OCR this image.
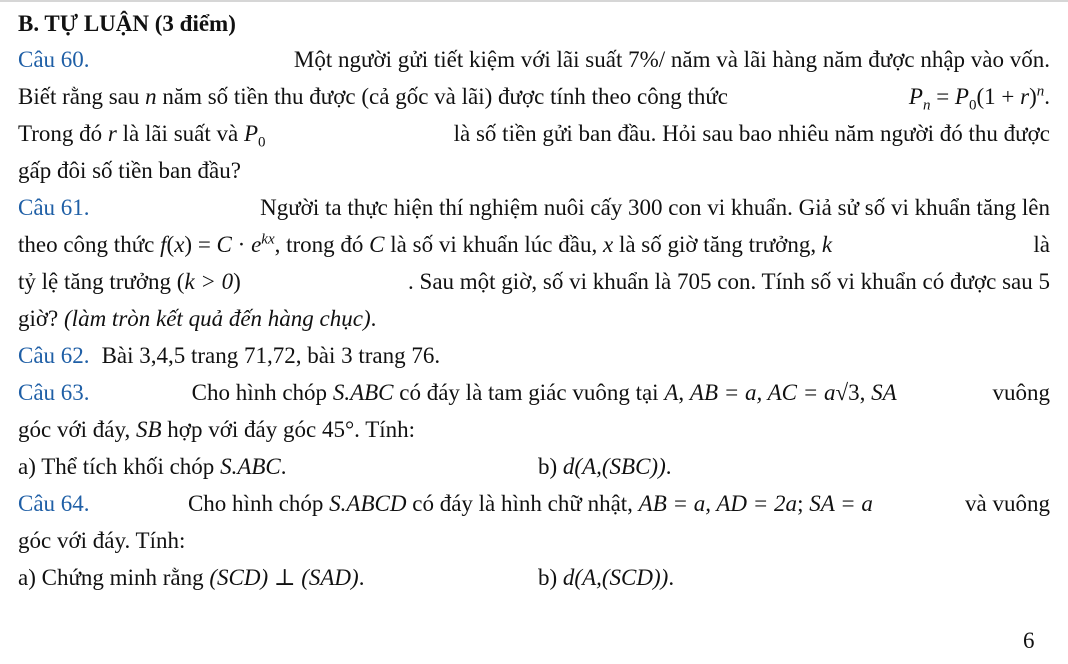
B. TỰ LUẬN (3 điểm)
Câu 60.	Một người gửi tiết kiệm với lãi suất 7%/ năm và lãi hàng năm được nhập vào vốn.
Biết rằng sau n năm số tiền thu được (cả gốc và lãi) được tính theo công thức	$P_n = P_0(1 + r)^n$.
Trong đó r là lãi suất và $P_0$	là số tiền gửi ban đầu. Hỏi sau bao nhiêu năm người đó thu được
gấp đôi số tiền ban đầu?
Câu 61.	Người ta thực hiện thí nghiệm nuôi cấy 300 con vi khuẩn. Giả sử số vi khuẩn tăng lên
theo công thức $f(x) = C \cdot e^{kx}$, trong đó C là số vi khuẩn lúc đầu, x là số giờ tăng trưởng, k	là
tỷ lệ tăng trưởng (k > 0)	. Sau một giờ, số vi khuẩn là 705 con. Tính số vi khuẩn có được sau 5
giờ? (làm tròn kết quả đến hàng chục).
Câu 62. Bài 3,4,5 trang 71,72, bài 3 trang 76.
Câu 63.	Cho hình chóp S.ABC có đáy là tam giác vuông tại A, AB = a, AC = a√3, SA	vuông
góc với đáy, SB hợp với đáy góc 45°. Tính:
a) Thể tích khối chóp S.ABC.	b) d(A,(SBC)).
Câu 64.	Cho hình chóp S.ABCD có đáy là hình chữ nhật, AB = a, AD = 2a; SA = a	và vuông
góc với đáy. Tính:
a) Chứng minh rằng (SCD) ⊥ (SAD).	b) d(A,(SCD)).
6
